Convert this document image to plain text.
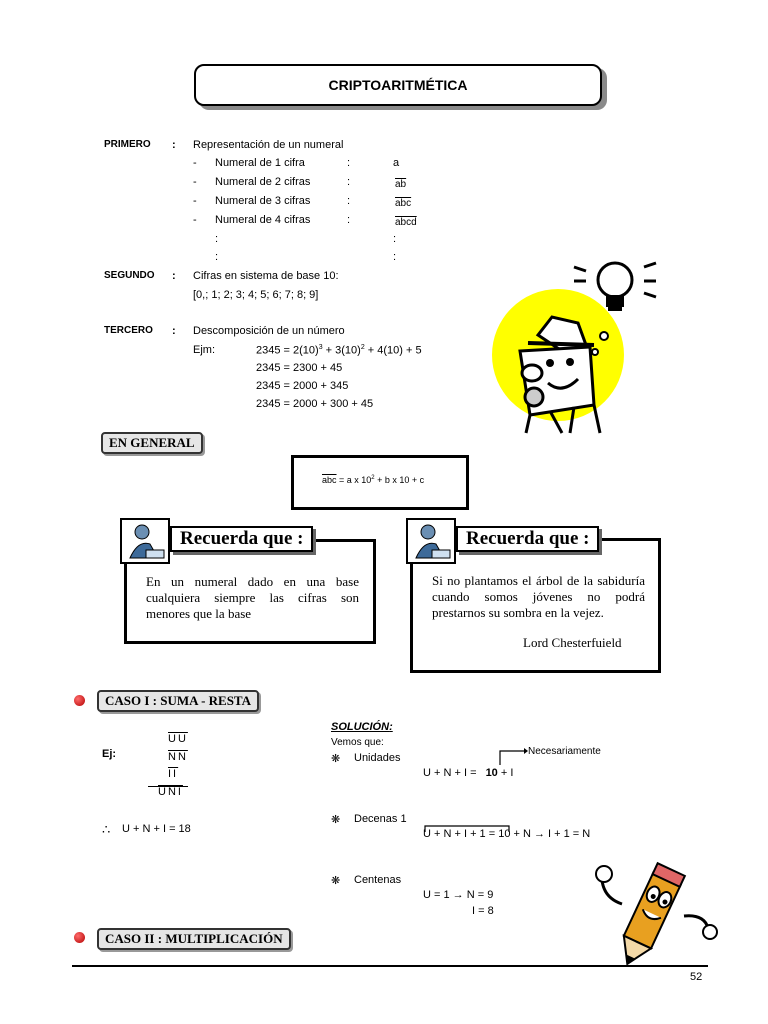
CRIPTOARITMÉTICA
PRIMERO : Representación de un numeral
- Numeral de 1 cifra	:	a
- Numeral de 2 cifras	:	$\overline{ab}$
- Numeral de 3 cifras	:	$\overline{abc}$
- Numeral de 4 cifras	:	abcd
:	:
:	:
SEGUNDO : Cifras en sistema de base 10:
[0,; 1; 2; 3; 4; 5; 6; 7; 8; 9]
TERCERO : Descomposición de un número
Ejm:	$2345 = 2(10)^3 + 3(10)^2 + 4(10) + 5$
2345 = 2300 + 45
2345 = 2000 + 345
2345 = 2000 + 300 + 45
EN GENERAL
$\overline{abc} = a$ x $10^2 + b$ x 10 + c
En un numeral dado en una base cualquiera siempre las cifras son menores que la base
Recuerda que :
Si no plantamos el árbol de la sabiduría cuando somos jóvenes no podrá prestarnos su sombra en la vejez.
Lord Chesterfuield
Recuerda que :
CASO I : SUMA - RESTA
Ej:
$\overline{UU}$
$\overline{NN}$
$\overline{II}$
$\overline{UNI}$
∴ U + N + I = 18
SOLUCIÓN:
Vemos que:
❋ Unidades
Necesariamente
U + N + I = 10 + I
❋ Decenas 1
U + N + I + 1 = 10 + N → I + 1 = N
❋ Centenas
U = 1 → N = 9
I = 8
CASO II : MULTIPLICACIÓN
52
